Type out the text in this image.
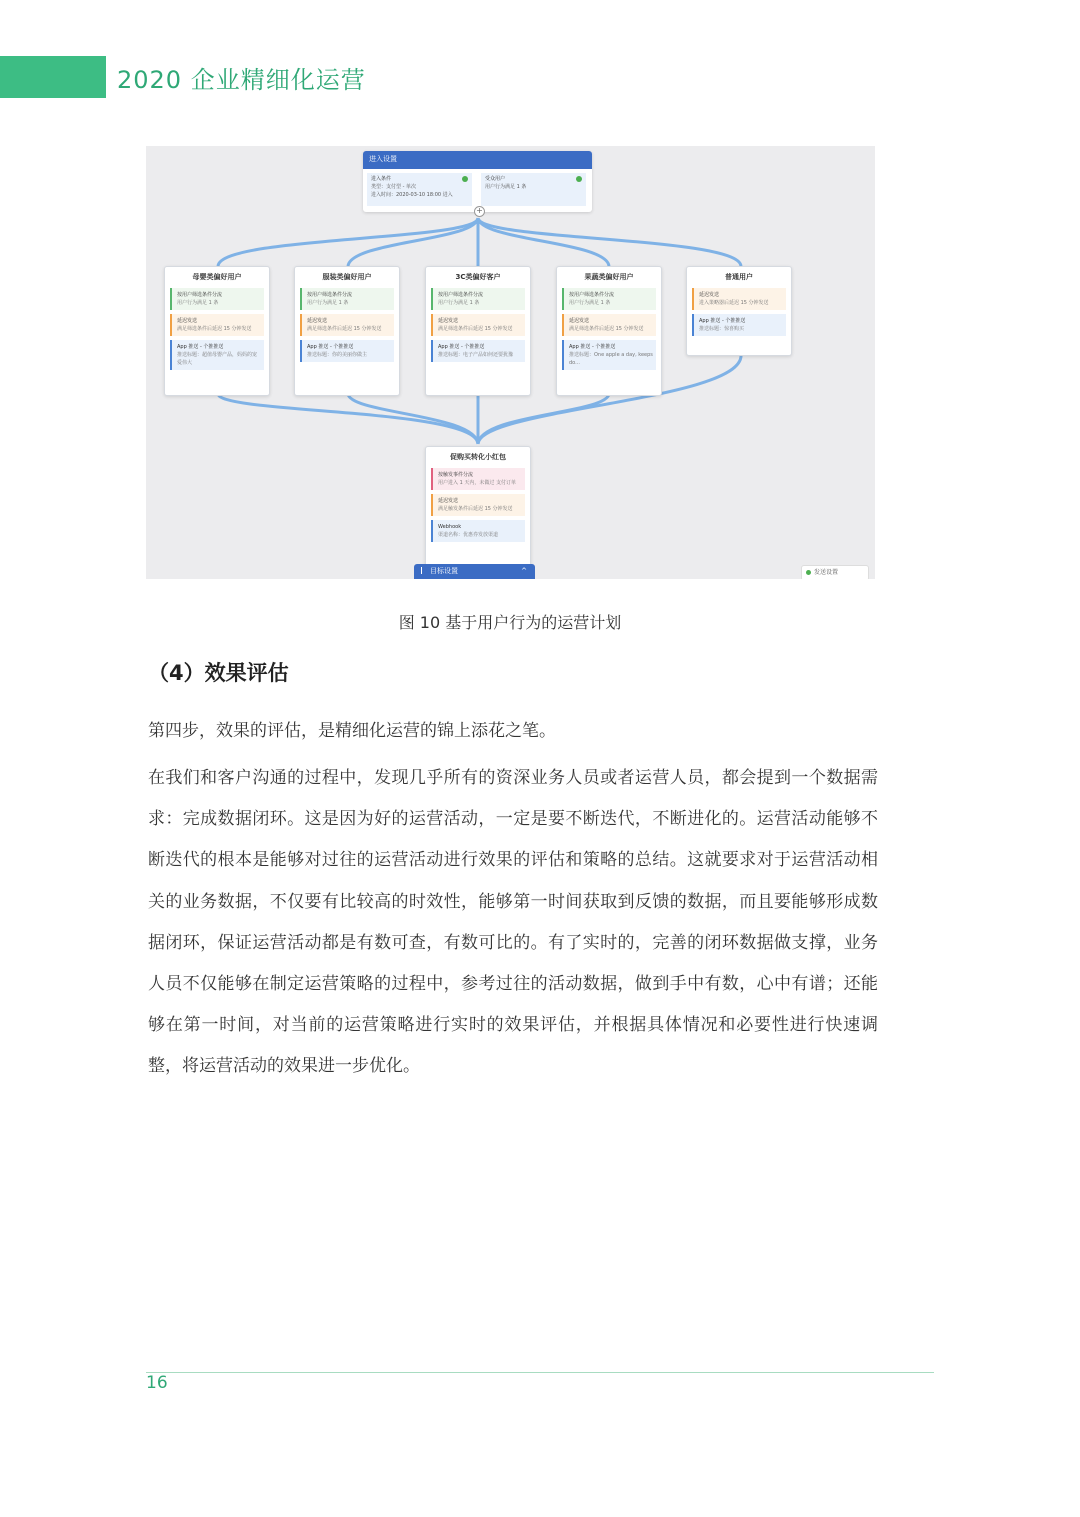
2020 企业精细化运营
进入设置
进入条件
类型：支付型 - 单次
进入时间：2020-03-10 18:00 进入
受众用户
用户行为满足 1 条
+
促购买转化小红包
按触发事件分流
用户进入 1 天内，未做过 支付订单
延迟发送
满足触发条件后延迟 15 分钟发送
Webhook
渠道名称：优惠券发放渠道
目标设置	^	发送设置
母婴类偏好用户
按用户筛选条件分流
用户行为满足 1 条
延迟发送
满足筛选条件后延迟 15 分钟发送
App 推送 - 个推推送
推送标题：超值母婴产品，妈妈的宠爱伟大
服装类偏好用户
按用户筛选条件分流
用户行为满足 1 条
延迟发送
满足筛选条件后延迟 15 分钟发送
App 推送 - 个推推送
推送标题：你的美丽你做主
3C类偏好客户
按用户筛选条件分流
用户行为满足 1 条
延迟发送
满足筛选条件后延迟 15 分钟发送
App 推送 - 个推推送
推送标题：电子产品如何还要犹豫
果蔬类偏好用户
按用户筛选条件分流
用户行为满足 1 条
延迟发送
满足筛选条件后延迟 15 分钟发送
App 推送 - 个推推送
推送标题：One apple a day, keeps do...
普通用户
延迟发送
进入策略器后延迟 15 分钟发送
App 推送 - 个推推送
推送标题：惊喜购买
图 10 基于用户行为的运营计划
（4）效果评估
第四步，效果的评估，是精细化运营的锦上添花之笔。
在我们和客户沟通的过程中，发现几乎所有的资深业务人员或者运营人员，都会提到一个数据需求：完成数据闭环。这是因为好的运营活动，一定是要不断迭代，不断进化的。运营活动能够不断迭代的根本是能够对过往的运营活动进行效果的评估和策略的总结。这就要求对于运营活动相关的业务数据，不仅要有比较高的时效性，能够第一时间获取到反馈的数据，而且要能够形成数据闭环，保证运营活动都是有数可查，有数可比的。有了实时的，完善的闭环数据做支撑，业务人员不仅能够在制定运营策略的过程中，参考过往的活动数据，做到手中有数，心中有谱；还能够在第一时间，对当前的运营策略进行实时的效果评估，并根据具体情况和必要性进行快速调整，将运营活动的效果进一步优化。
16
